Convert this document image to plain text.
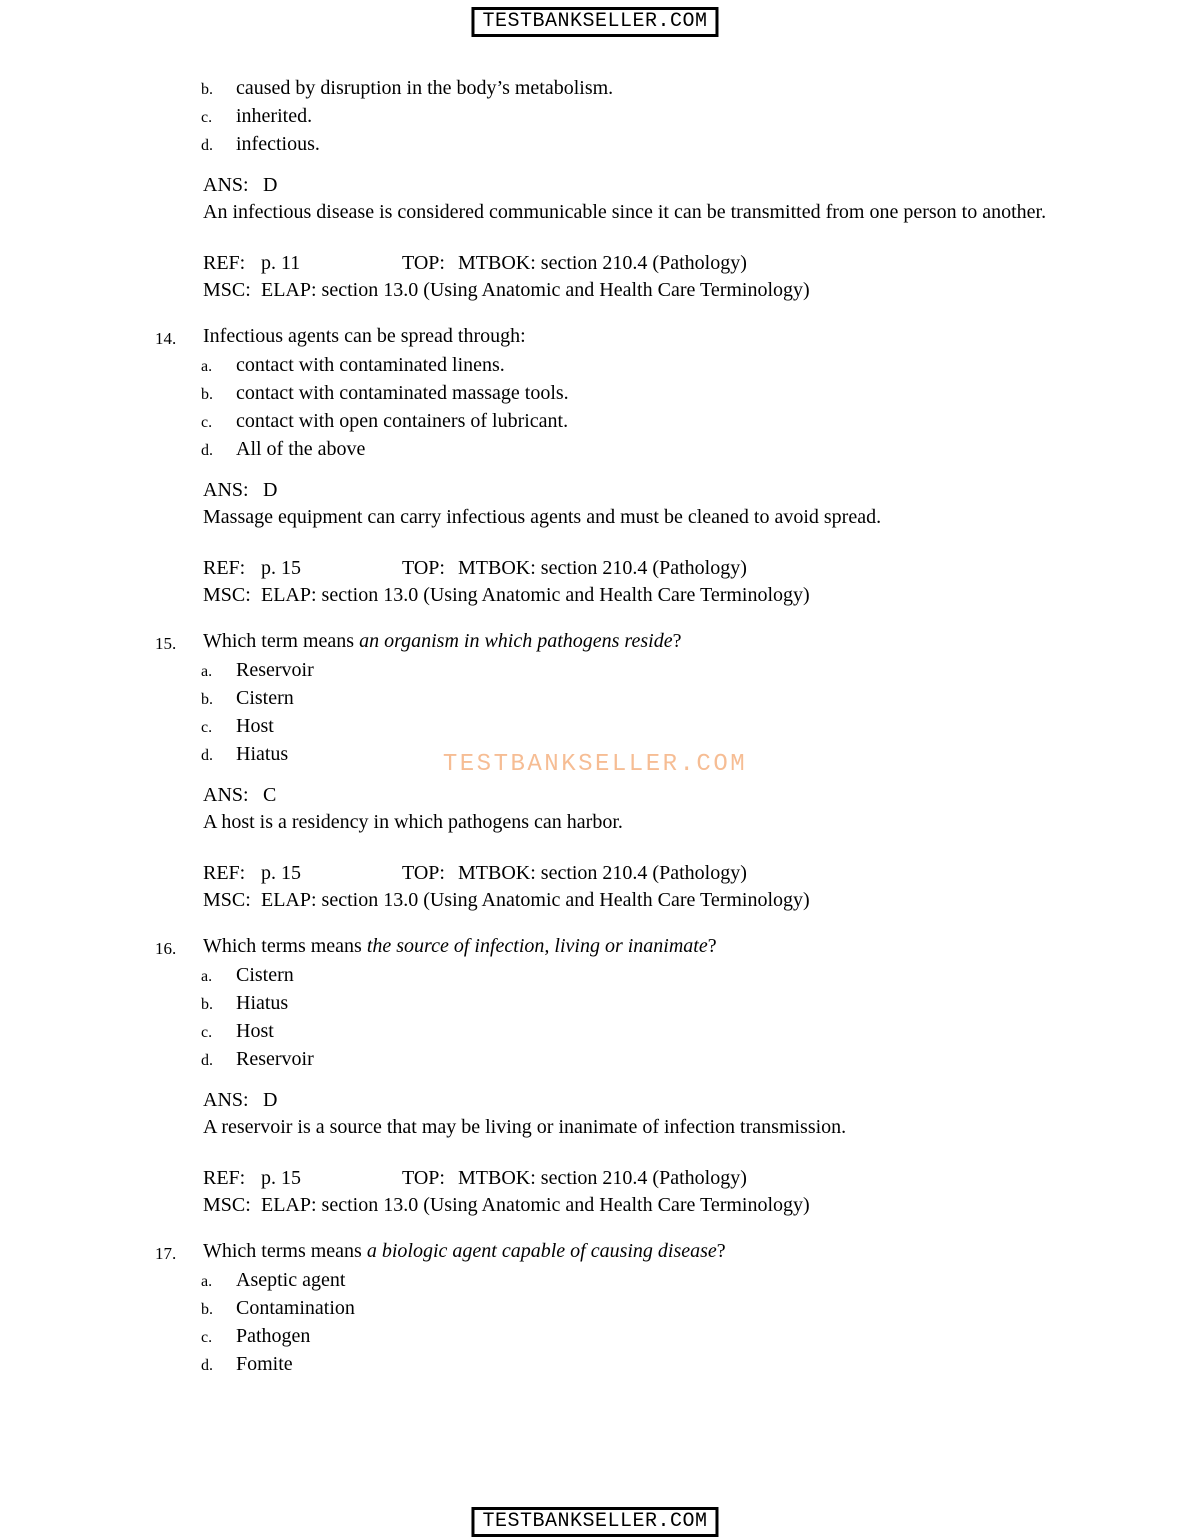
TESTBANKSELLER.COM
TESTBANKSELLER.COM
b.	caused by disruption in the body’s metabolism.
c.	inherited.
d.	infectious.
ANS: D
An infectious disease is considered communicable since it can be transmitted from one person to another.
REF: p. 11	TOP: MTBOK: section 210.4 (Pathology)
MSC: ELAP: section 13.0 (Using Anatomic and Health Care Terminology)
14.	Infectious agents can be spread through:
a.	contact with contaminated linens.
b.	contact with contaminated massage tools.
c.	contact with open containers of lubricant.
d.	All of the above
ANS: D
Massage equipment can carry infectious agents and must be cleaned to avoid spread.
REF: p. 15	TOP: MTBOK: section 210.4 (Pathology)
MSC: ELAP: section 13.0 (Using Anatomic and Health Care Terminology)
15.	Which term means an organism in which pathogens reside?
a.	Reservoir
b.	Cistern
c.	Host
d.	Hiatus
ANS: C
A host is a residency in which pathogens can harbor.
REF: p. 15	TOP: MTBOK: section 210.4 (Pathology)
MSC: ELAP: section 13.0 (Using Anatomic and Health Care Terminology)
16.	Which terms means the source of infection, living or inanimate?
a.	Cistern
b.	Hiatus
c.	Host
d.	Reservoir
ANS: D
A reservoir is a source that may be living or inanimate of infection transmission.
REF: p. 15	TOP: MTBOK: section 210.4 (Pathology)
MSC: ELAP: section 13.0 (Using Anatomic and Health Care Terminology)
17.	Which terms means a biologic agent capable of causing disease?
a.	Aseptic agent
b.	Contamination
c.	Pathogen
d.	Fomite
TESTBANKSELLER.COM
